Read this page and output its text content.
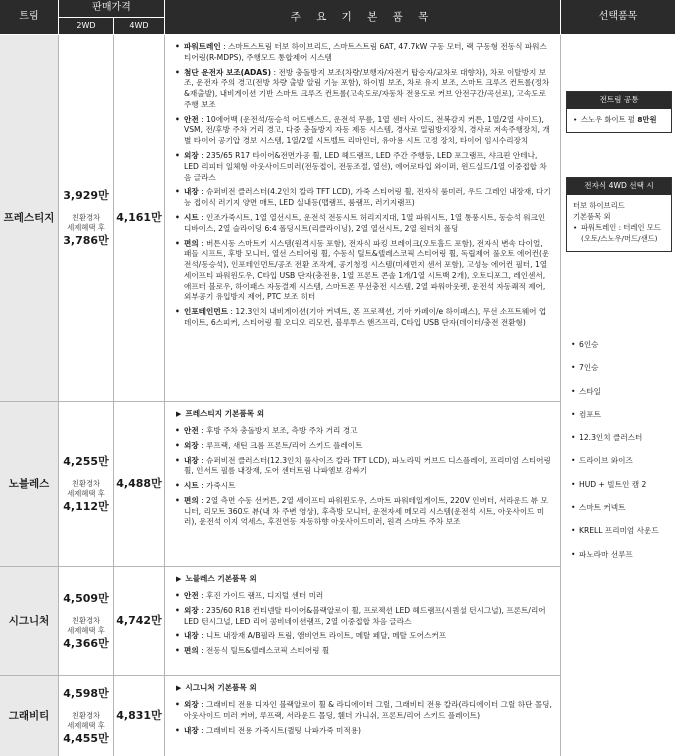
트림
판매가격
2WD	4WD
주 요 기 본 품 목	선택품목
프레스티지
3,929만
친환경차
세제혜택 후
3,786만
4,161만
• 파워트레인 : 스마트스트림 터보 하이브리드, 스마트스트림 6AT, 47.7kW 구동 모터, 랙 구동형 전동식 파워스티어링(R-MDPS), 주행모드 통합제어 시스템
• 첨단 운전자 보조(ADAS) : 전방 충돌방지 보조(차량/보행자/자전거 탑승자/교차로 대향차), 차로 이탈방지 보조, 운전자 주의 경고(전방 차량 출발 알림 기능 포함), 하이빔 보조, 차로 유지 보조, 스마트 크루즈 컨트롤(정차&재출발), 내비게이션 기반 스마트 크루즈 컨트롤(고속도로/자동차 전용도로 커브 안전구간/곡선로), 고속도로 주행 보조
• 안전 : 10에어백 (운전석/동승석 어드밴스드, 운전석 무릎, 1열 센터 사이드, 전복감지 커튼, 1열/2열 사이드), VSM, 전/후방 주차 거리 경고, 다중 충돌방지 자동 제동 시스템, 경사로 밀림방지장치, 경사로 저속주행장치, 개별 타이어 공기압 경보 시스템, 1열/2열 시트벨트 리마인더, 유아용 시트 고정 장치, 타이어 임시수리장치
• 외장 : 235/65 R17 타이어&전면가공 휠, LED 헤드램프, LED 주간 주행등, LED 포그램프, 샤크핀 안테나, LED 리피터 일체형 아웃사이드미러(전동접이, 전동조절, 열선), 에어로타입 와이퍼, 윈드실드/1열 이중접합 차음 글라스
• 내장 : 슈퍼비전 클러스터(4.2인치 칼라 TFT LCD), 가죽 스티어링 휠, 전자식 룸미러, 우드 그레인 내장재, 다기능 접이식 러기지 양면 매트, LED 실내등(맵램프, 룸램프, 러기지램프)
• 시트 : 인조가죽시트, 1열 열선시트, 운전석 전동시트 허리지지대, 1열 파워시트, 1열 통풍시트, 동승석 워크인 디바이스, 2열 슬라이딩 6:4 폴딩시트(리클라이닝), 2열 열선시트, 2열 원터치 폴딩
• 편의 : 버튼시동 스마트키 시스템(원격시동 포함), 전자식 파킹 브레이크(오토홀드 포함), 전자식 변속 다이얼, 패들 시프트, 후방 모니터, 열선 스티어링 휠, 수동식 틸트&텔레스코픽 스티어링 휠, 독립제어 풀오토 에어컨(운전석/동승석), 인포테인먼트/공조 전환 조작계, 공기청정 시스템(미세먼지 센서 포함), 고성능 에어컨 필터, 1열 세이프티 파워윈도우, C타입 USB 단자(충전용, 1열 프론트 콘솔 1개/1열 시트백 2개), 오토디포그, 레인센서, 애프터 블로우, 하이패스 자동결제 시스템, 스마트폰 무선충전 시스템, 2열 파워아웃렛, 운전석 자동쾌적 제어, 외부공기 유입방지 제어, PTC 보조 히터
• 인포테인먼트 : 12.3인치 내비게이션(기아 커넥트, 폰 프로젝션, 기아 카페이/e 하이패스), 무선 소프트웨어 업데이트, 6스피커, 스티어링 휠 오디오 리모컨, 블루투스 핸즈프리, C타입 USB 단자(데이터/충전 전환형)
노블레스
4,255만
친환경차
세제혜택 후
4,112만
4,488만
▶ 프레스티지 기본품목 외
• 안전 : 후방 주차 충돌방지 보조, 측방 주차 거리 경고
• 외장 : 루프랙, 새틴 크롬 프론트/리어 스키드 플레이트
• 내장 : 슈퍼비전 클러스터(12.3인치 풀사이즈 칼라 TFT LCD), 파노라믹 커브드 디스플레이, 프리미엄 스티어링 휠, 인서트 필름 내장재, 도어 센터트림 나파엠보 감싸기
• 시트 : 가죽시트
• 편의 : 2열 측면 수동 선커튼, 2열 세이프티 파워윈도우, 스마트 파워테일게이트, 220V 인버터, 서라운드 뷰 모니터, 리모트 360도 뷰(내 차 주변 영상), 후측방 모니터, 운전자세 메모리 시스템(운전석 시트, 아웃사이드 미러), 운전석 이지 억세스, 후진연동 자동하향 아웃사이드미러, 원격 스마트 주차 보조
시그니처
4,509만
친환경차
세제혜택 후
4,366만
4,742만
▶ 노블레스 기본품목 외
• 안전 : 후진 가이드 램프, 디지털 센터 미러
• 외장 : 235/60 R18 컨티넨탈 타이어&블랙알로이 휠, 프로젝션 LED 헤드램프(시퀀셜 턴시그널), 프론트/리어 LED 턴시그널, LED 리어 콤비네이션램프, 2열 이중접합 차음 글라스
• 내장 : 니트 내장재 A/B필라 트림, 앰비언트 라이트, 메탈 페달, 메탈 도어스커프
• 편의 : 전동식 틸트&텔레스코픽 스티어링 휠
그래비티
4,598만
친환경차
세제혜택 후
4,455만
4,831만
▶ 시그니처 기본품목 외
• 외장 : 그래비티 전용 디자인 블랙알로이 휠 & 라디에이터 그릴, 그래비티 전용 칼라(라디에이터 그릴 하단 몰딩, 아웃사이드 미러 커버, 루프랙, 서라운드 몰딩, 휀더 가니쉬, 프론트/리어 스키드 플레이트)
• 내장 : 그래비티 전용 가죽시트(퀼팅 나파가죽 미적용)
전트림 공통
• 스노우 화이트 펄 8만원
전자식 4WD 선택 시
터보 하이브리드
기본품목 외
• 파워트레인 : 터레인 모드 (오토/스노우/머드/샌드)
• 6인승
• 7인승
• 스타일
• 컴포트
• 12.3인치 클러스터
• 드라이브 와이즈
• HUD + 빌트인 캠 2
• 스마트 커넥트
• KRELL 프리미엄 사운드
• 파노라마 선루프
